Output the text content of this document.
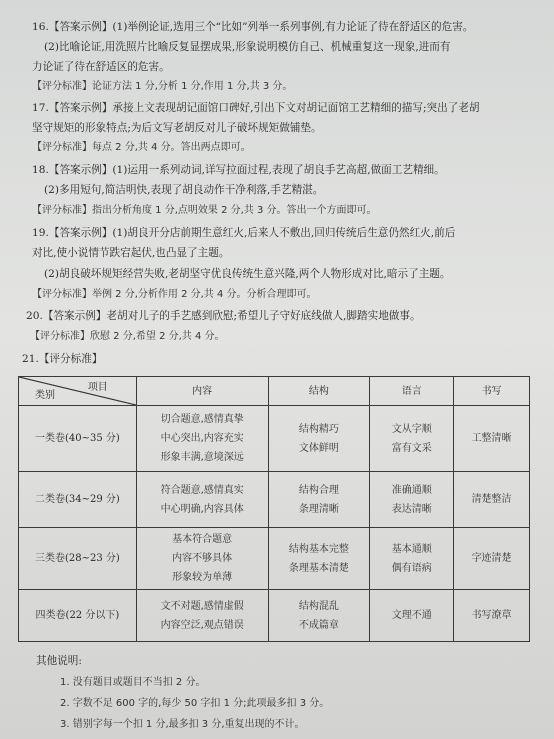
16.【答案示例】(1)举例论证,选用三个“比如”列举一系列事例,有力论证了待在舒适区的危害。
(2)比喻论证,用洗照片比喻反复显摆成果,形象说明模仿自己、机械重复这一现象,进而有
力论证了待在舒适区的危害。
【评分标准】论证方法 1 分,分析 1 分,作用 1 分,共 3 分。
17.【答案示例】承接上文表现胡记面馆口碑好,引出下文对胡记面馆工艺精细的描写;突出了老胡
坚守规矩的形象特点;为后文写老胡反对儿子破坏规矩做铺垫。
【评分标准】每点 2 分,共 4 分。答出两点即可。
18.【答案示例】(1)运用一系列动词,详写拉面过程,表现了胡良手艺高超,做面工艺精细。
(2)多用短句,简洁明快,表现了胡良动作干净利落,手艺精湛。
【评分标准】指出分析角度 1 分,点明效果 2 分,共 3 分。答出一个方面即可。
19.【答案示例】(1)胡良开分店前期生意红火,后来人不敷出,回归传统后生意仍然红火,前后
对比,使小说情节跌宕起伏,也凸显了主题。
(2)胡良破坏规矩经营失败,老胡坚守优良传统生意兴隆,两个人物形成对比,暗示了主题。
【评分标准】举例 2 分,分析作用 2 分,共 4 分。分析合理即可。
20.【答案示例】老胡对儿子的手艺感到欣慰;希望儿子守好底线做人,脚踏实地做事。
【评分标准】欣慰 2 分,希望 2 分,共 4 分。
21.【评分标准】
项目
类别	内容	结构	语言	书写
一类卷(40~35 分)	切合题意,感情真挚
中心突出,内容充实
形象丰满,意境深远	结构精巧
文体鲜明	文从字顺
富有文采	工整清晰

二类卷(34~29 分)	符合题意,感情真实
中心明确,内容具体	结构合理
条理清晰	准确通顺
表达清晰	清楚整洁

三类卷(28~23 分)	基本符合题意
内容不够具体
形象较为单薄	结构基本完整
条理基本清楚	基本通顺
偶有语病	字迹清楚

四类卷(22 分以下)	文不对题,感情虚假
内容空泛,观点错误	结构混乱
不成篇章	文理不通	书写潦草
其他说明:
1. 没有题目或题目不当扣 2 分。
2. 字数不足 600 字的,每少 50 字扣 1 分;此项最多扣 3 分。
3. 错别字每一个扣 1 分,最多扣 3 分,重复出现的不计。
